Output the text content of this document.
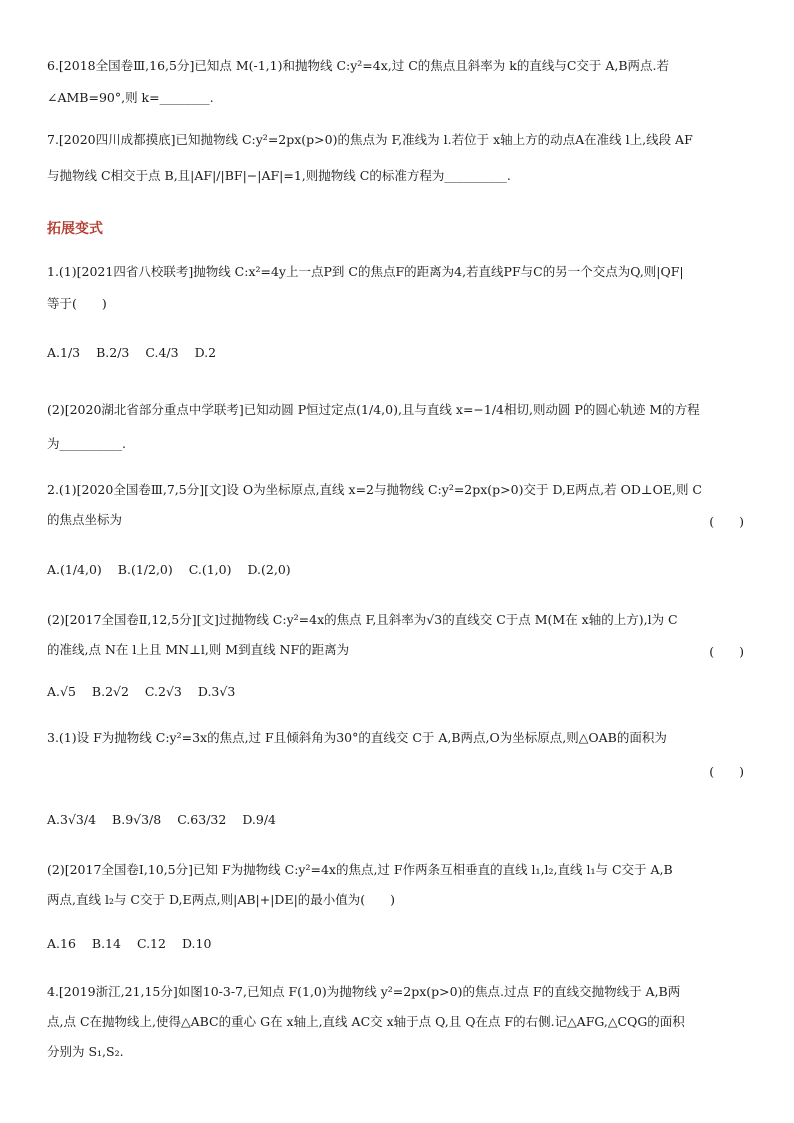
6.[2018全国卷Ⅲ,16,5分]已知点 M(-1,1)和抛物线 C:y²=4x,过 C的焦点且斜率为 k的直线与C交于 A,B两点.若
∠AMB=90°,则 k=________.
7.[2020四川成都摸底]已知抛物线 C:y²=2px(p>0)的焦点为 F,准线为 l.若位于 x轴上方的动点A在准线 l上,线段 AF
与抛物线 C相交于点 B,且|AF|/|BF|−|AF|=1,则抛物线 C的标准方程为__________.
拓展变式
1.(1)[2021四省八校联考]抛物线 C:x²=4y上一点P到 C的焦点F的距离为4,若直线PF与C的另一个交点为Q,则|QF|
等于(　　)
A.1/3 B.2/3 C.4/3 D.2
(2)[2020湖北省部分重点中学联考]已知动圆 P恒过定点(1/4,0),且与直线 x=−1/4相切,则动圆 P的圆心轨迹 M的方程
为__________.
2.(1)[2020全国卷Ⅲ,7,5分][文]设 O为坐标原点,直线 x=2与抛物线 C:y²=2px(p>0)交于 D,E两点,若 OD⊥OE,则 C
的焦点坐标为	(　　)
A.(1/4,0) B.(1/2,0) C.(1,0) D.(2,0)
(2)[2017全国卷Ⅱ,12,5分][文]过抛物线 C:y²=4x的焦点 F,且斜率为√3的直线交 C于点 M(M在 x轴的上方),l为 C
的准线,点 N在 l上且 MN⊥l,则 M到直线 NF的距离为	(　　)
A.√5 B.2√2 C.2√3 D.3√3
3.(1)设 F为抛物线 C:y²=3x的焦点,过 F且倾斜角为30°的直线交 C于 A,B两点,O为坐标原点,则△OAB的面积为
(　　)
A.3√3/4 B.9√3/8 C.63/32 D.9/4
(2)[2017全国卷Ⅰ,10,5分]已知 F为抛物线 C:y²=4x的焦点,过 F作两条互相垂直的直线 l₁,l₂,直线 l₁与 C交于 A,B
两点,直线 l₂与 C交于 D,E两点,则|AB|+|DE|的最小值为(　　)
A.16 B.14 C.12 D.10
4.[2019浙江,21,15分]如图10-3-7,已知点 F(1,0)为抛物线 y²=2px(p>0)的焦点.过点 F的直线交抛物线于 A,B两
点,点 C在抛物线上,使得△ABC的重心 G在 x轴上,直线 AC交 x轴于点 Q,且 Q在点 F的右侧.记△AFG,△CQG的面积
分别为 S₁,S₂.
